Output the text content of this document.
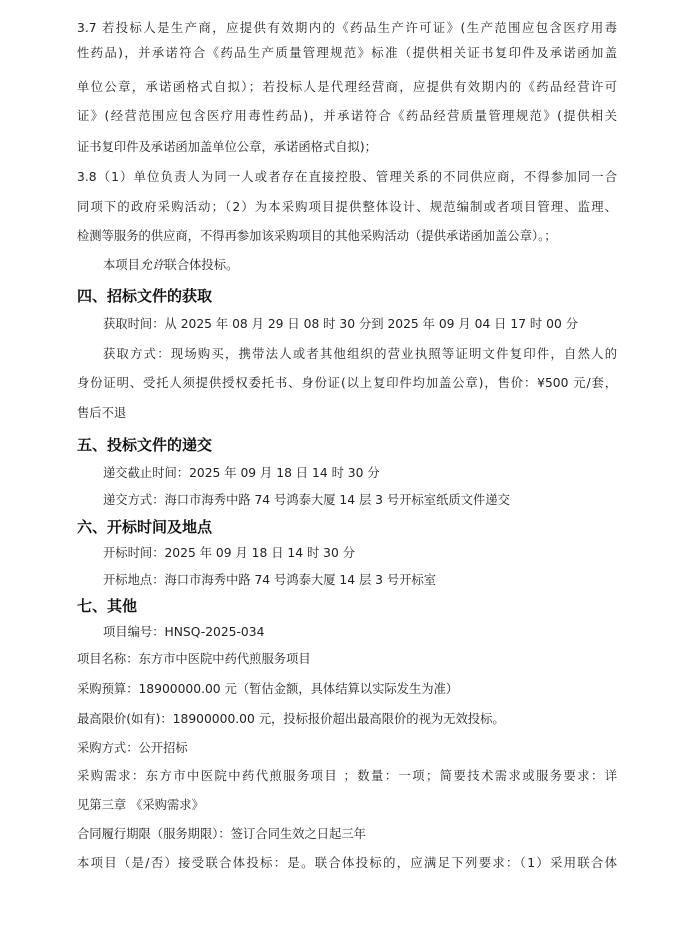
3.7 若投标人是生产商，应提供有效期内的《药品生产许可证》(生产范围应包含医疗用毒
性药品)，并承诺符合《药品生产质量管理规范》标准（提供相关证书复印件及承诺函加盖
单位公章，承诺函格式自拟）；若投标人是代理经营商，应提供有效期内的《药品经营许可
证》(经营范围应包含医疗用毒性药品)，并承诺符合《药品经营质量管理规范》(提供相关
证书复印件及承诺函加盖单位公章，承诺函格式自拟)；
3.8（1）单位负责人为同一人或者存在直接控股、管理关系的不同供应商，不得参加同一合
同项下的政府采购活动；（2）为本采购项目提供整体设计、规范编制或者项目管理、监理、
检测等服务的供应商，不得再参加该采购项目的其他采购活动（提供承诺函加盖公章）。；
本项目允许联合体投标。
四、招标文件的获取
获取时间：从 2025 年 08 月 29 日 08 时 30 分到 2025 年 09 月 04 日 17 时 00 分
获取方式：现场购买，携带法人或者其他组织的营业执照等证明文件复印件，自然人的
身份证明、受托人须提供授权委托书、身份证(以上复印件均加盖公章)，售价：¥500 元/套，
售后不退
五、投标文件的递交
递交截止时间：2025 年 09 月 18 日 14 时 30 分
递交方式：海口市海秀中路 74 号鸿泰大厦 14 层 3 号开标室纸质文件递交
六、开标时间及地点
开标时间：2025 年 09 月 18 日 14 时 30 分
开标地点：海口市海秀中路 74 号鸿泰大厦 14 层 3 号开标室
七、其他
项目编号：HNSQ-2025-034
项目名称：东方市中医院中药代煎服务项目
采购预算：18900000.00 元（暂估金额，具体结算以实际发生为准）
最高限价(如有)：18900000.00 元，投标报价超出最高限价的视为无效投标。
采购方式：公开招标
采购需求：东方市中医院中药代煎服务项目 ；数量：一项；简要技术需求或服务要求：详
见第三章 《采购需求》
合同履行期限（服务期限）：签订合同生效之日起三年
本项目（是/否）接受联合体投标：是。联合体投标的，应满足下列要求：（1）采用联合体
